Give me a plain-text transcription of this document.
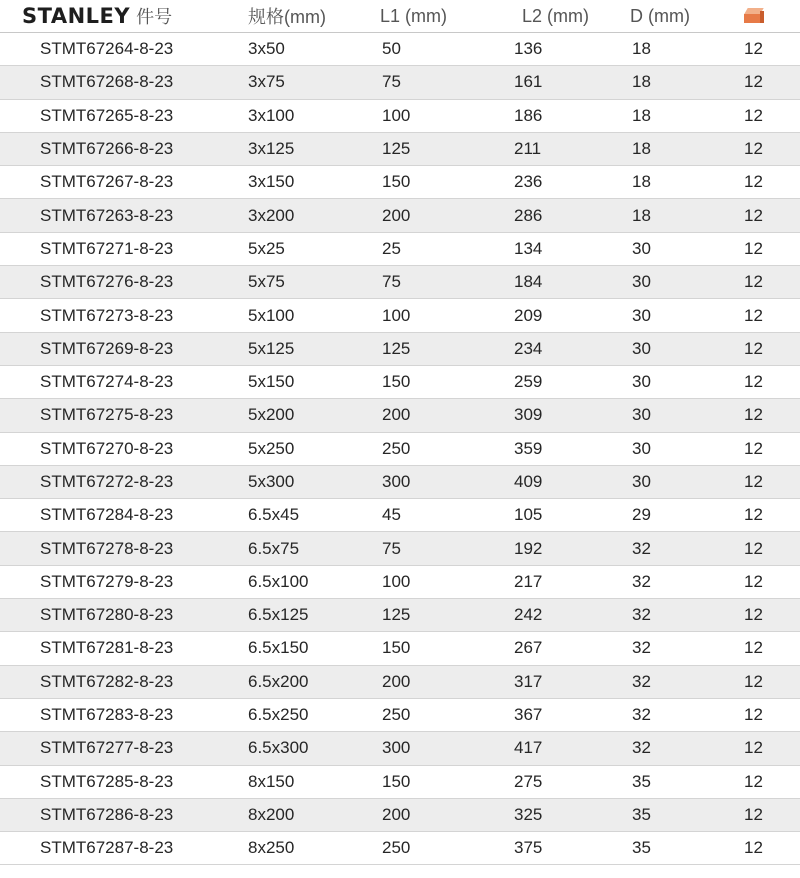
STANLEY 件号	规格(mm)	L1 (mm)	L2 (mm)	D (mm)
STMT67264-8-23	3x50	50	136	18	12
STMT67268-8-23	3x75	75	161	18	12
STMT67265-8-23	3x100	100	186	18	12
STMT67266-8-23	3x125	125	211	18	12
STMT67267-8-23	3x150	150	236	18	12
STMT67263-8-23	3x200	200	286	18	12
STMT67271-8-23	5x25	25	134	30	12
STMT67276-8-23	5x75	75	184	30	12
STMT67273-8-23	5x100	100	209	30	12
STMT67269-8-23	5x125	125	234	30	12
STMT67274-8-23	5x150	150	259	30	12
STMT67275-8-23	5x200	200	309	30	12
STMT67270-8-23	5x250	250	359	30	12
STMT67272-8-23	5x300	300	409	30	12
STMT67284-8-23	6.5x45	45	105	29	12
STMT67278-8-23	6.5x75	75	192	32	12
STMT67279-8-23	6.5x100	100	217	32	12
STMT67280-8-23	6.5x125	125	242	32	12
STMT67281-8-23	6.5x150	150	267	32	12
STMT67282-8-23	6.5x200	200	317	32	12
STMT67283-8-23	6.5x250	250	367	32	12
STMT67277-8-23	6.5x300	300	417	32	12
STMT67285-8-23	8x150	150	275	35	12
STMT67286-8-23	8x200	200	325	35	12
STMT67287-8-23	8x250	250	375	35	12
